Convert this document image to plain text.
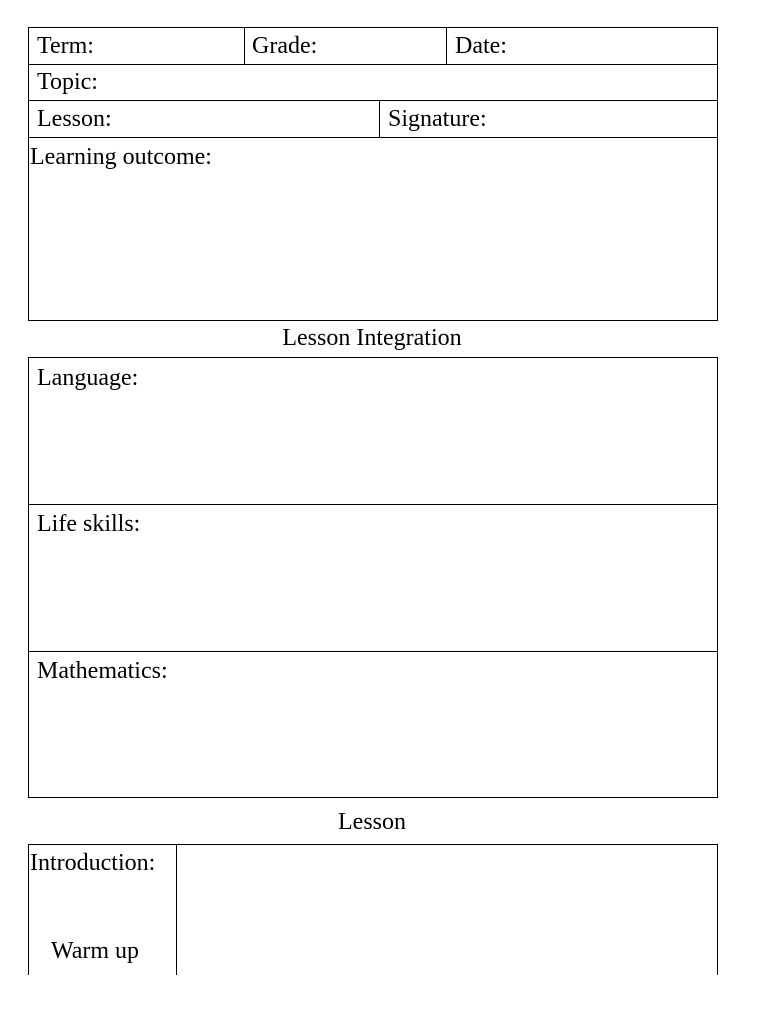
Term:	Grade:	Date:
Topic:
Lesson:	Signature:
Learning outcome:
Lesson Integration
Language:
Life skills:
Mathematics:
Lesson
Introduction:
Warm up
